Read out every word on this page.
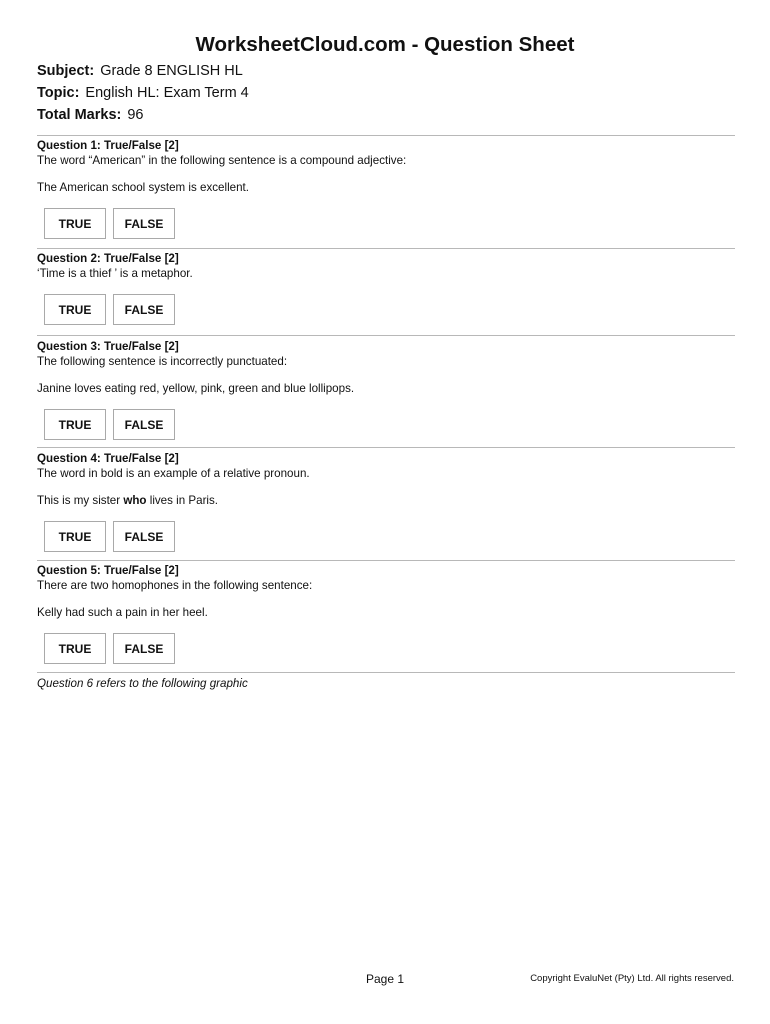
WorksheetCloud.com - Question Sheet
Subject: Grade 8 ENGLISH HL
Topic: English HL: Exam Term 4
Total Marks: 96
Question 1: True/False [2]
The word “American” in the following sentence is a compound adjective:
The American school system is excellent.
TRUE	FALSE
Question 2: True/False [2]
‘Time is a thief ’ is a metaphor.
TRUE	FALSE
Question 3: True/False [2]
The following sentence is incorrectly punctuated:
Janine loves eating red, yellow, pink, green and blue lollipops.
TRUE	FALSE
Question 4: True/False [2]
The word in bold is an example of a relative pronoun.
This is my sister who lives in Paris.
TRUE	FALSE
Question 5: True/False [2]
There are two homophones in the following sentence:
Kelly had such a pain in her heel.
TRUE	FALSE
Question 6 refers to the following graphic
Page 1	Copyright EvaluNet (Pty) Ltd. All rights reserved.
